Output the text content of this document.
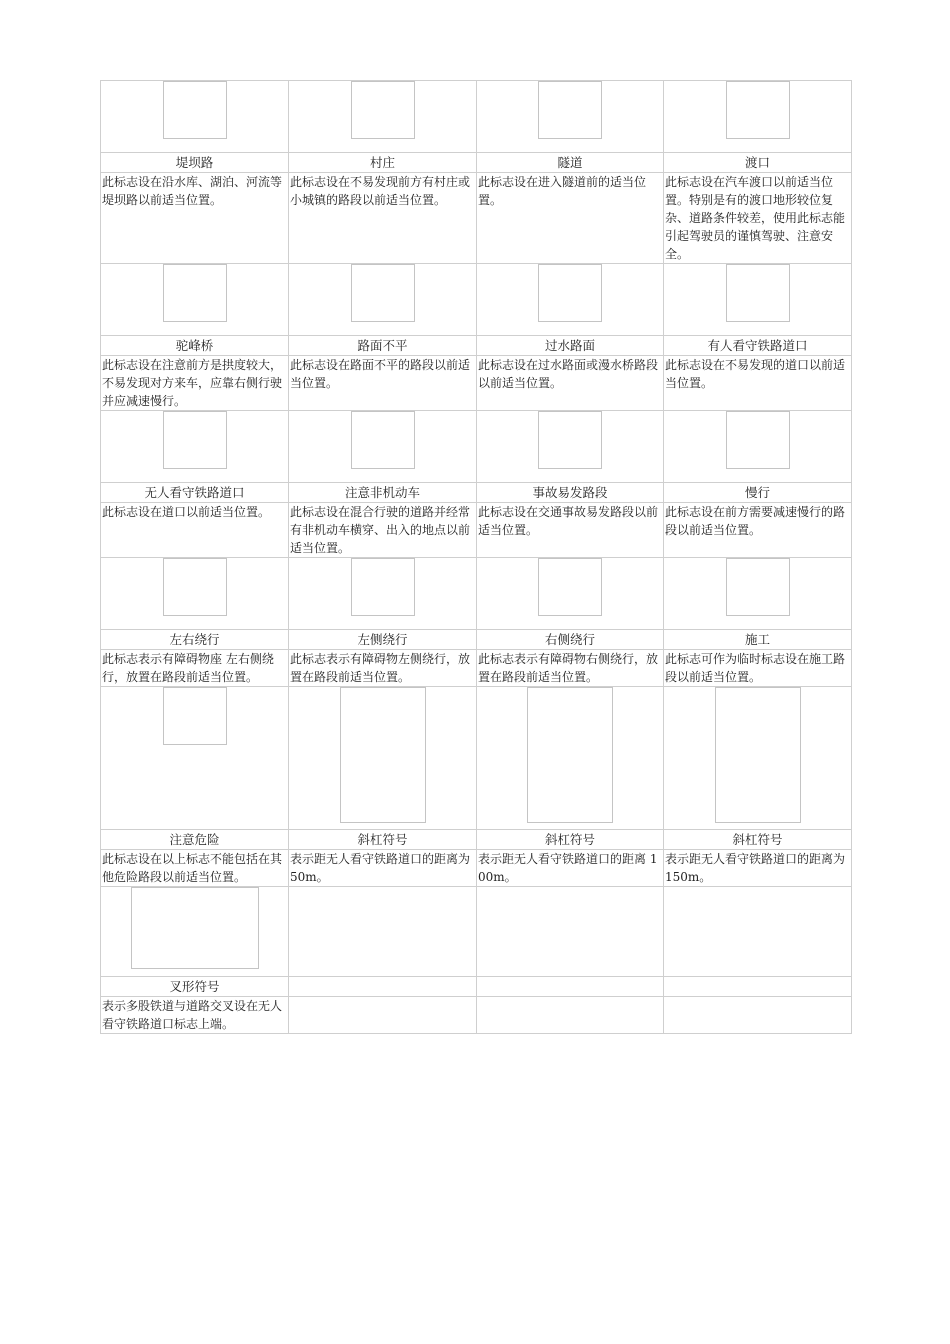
堤坝路	村庄	隧道	渡口
此标志设在沿水库、湖泊、河流等堤坝路以前适当位置。	此标志设在不易发现前方有村庄或小城镇的路段以前适当位置。	此标志设在进入隧道前的适当位置。	此标志设在汽车渡口以前适当位置。特别是有的渡口地形较位复杂、道路条件较差，使用此标志能引起驾驶员的谨慎驾驶、注意安全。

驼峰桥	路面不平	过水路面	有人看守铁路道口
此标志设在注意前方是拱度较大，不易发现对方来车，应靠右侧行驶并应减速慢行。	此标志设在路面不平的路段以前适当位置。	此标志设在过水路面或漫水桥路段以前适当位置。	此标志设在不易发现的道口以前适当位置。

无人看守铁路道口	注意非机动车	事故易发路段	慢行
此标志设在道口以前适当位置。	此标志设在混合行驶的道路并经常有非机动车横穿、出入的地点以前适当位置。	此标志设在交通事故易发路段以前适当位置。	此标志设在前方需要减速慢行的路段以前适当位置。

左右绕行	左侧绕行	右侧绕行	施工
此标志表示有障碍物座 左右侧绕行，放置在路段前适当位置。	此标志表示有障碍物左侧绕行，放置在路段前适当位置。	此标志表示有障碍物右侧绕行，放置在路段前适当位置。	此标志可作为临时标志设在施工路段以前适当位置。

注意危险	斜杠符号	斜杠符号	斜杠符号
此标志设在以上标志不能包括在其他危险路段以前适当位置。	表示距无人看守铁路道口的距离为 50m。	表示距无人看守铁路道口的距离 100m。	表示距无人看守铁路道口的距离为 150m。

叉形符号			
表示多股铁道与道路交叉设在无人看守铁路道口标志上端。			
